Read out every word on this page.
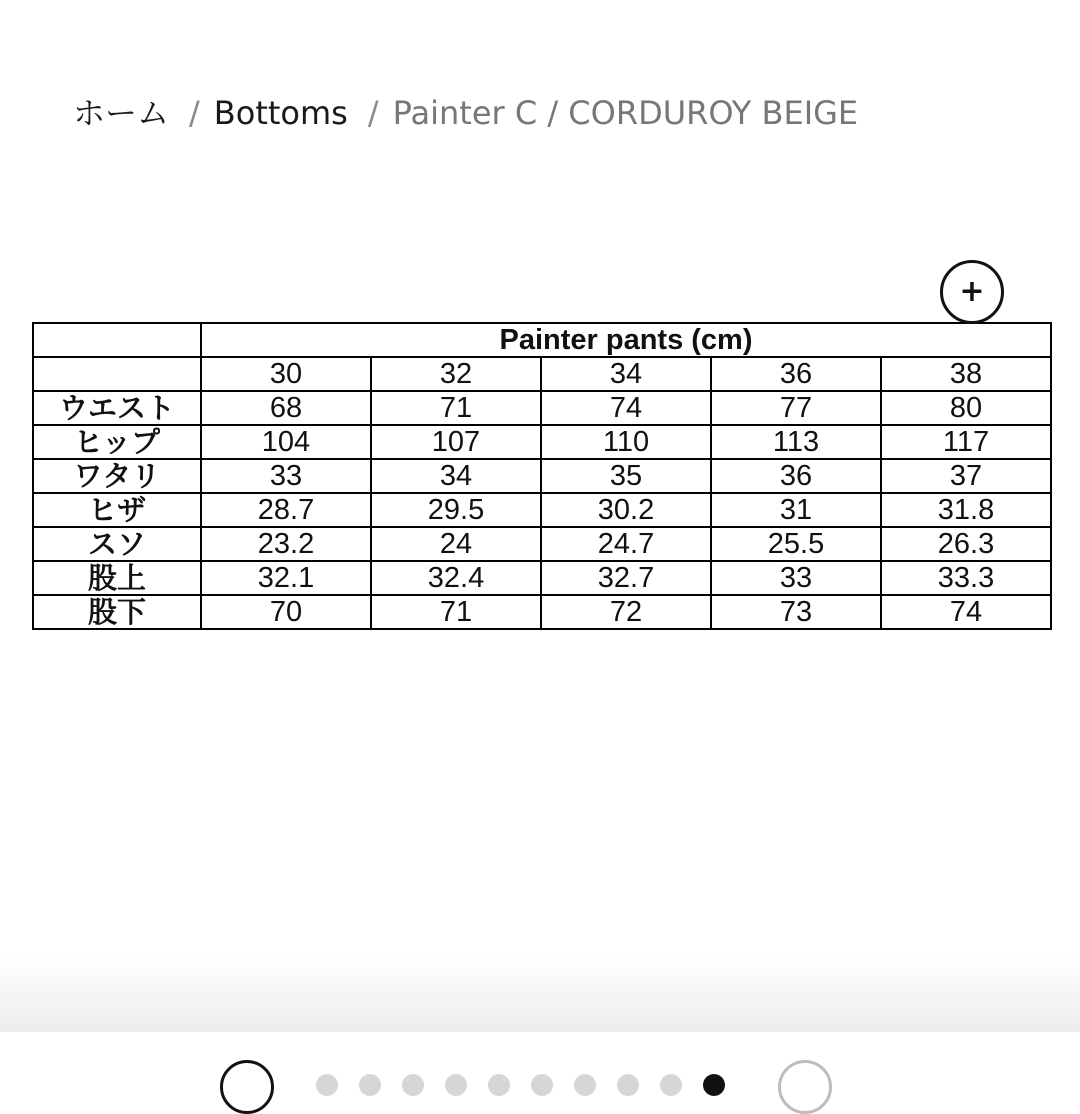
ホーム / Bottoms / Painter C / CORDUROY BEIGE
+
	Painter pants (cm)				
	30	32	34	36	38
ウエスト	68	71	74	77	80
ヒップ	104	107	110	113	117
ワタリ	33	34	35	36	37
ヒザ	28.7	29.5	30.2	31	31.8
スソ	23.2	24	24.7	25.5	26.3
股上	32.1	32.4	32.7	33	33.3
股下	70	71	72	73	74
